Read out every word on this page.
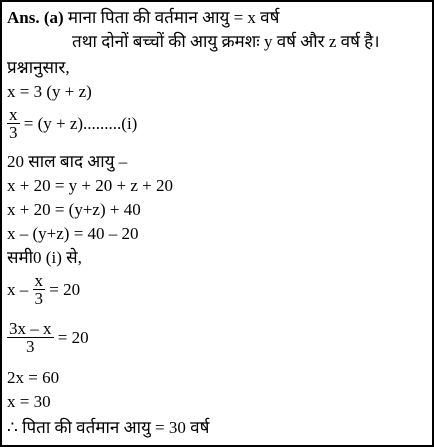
Ans. (a) माना पिता की वर्तमान आयु = x वर्ष
तथा दोनों बच्चों की आयु क्रमशः y वर्ष और z वर्ष है।
प्रश्नानुसार,
x = 3 (y + z)
$\frac{x}{3} = (y + z).........(i)$
20 साल बाद आयु –
x + 20 = y + 20 + z + 20
x + 20 = (y+z) + 40
x – (y+z) = 40 – 20
समी0 (i) से,
$x - \frac{x}{3} = 20$
$\frac{3x - x}{3} = 20$
2x = 60
x = 30
∴ पिता की वर्तमान आयु = 30 वर्ष
